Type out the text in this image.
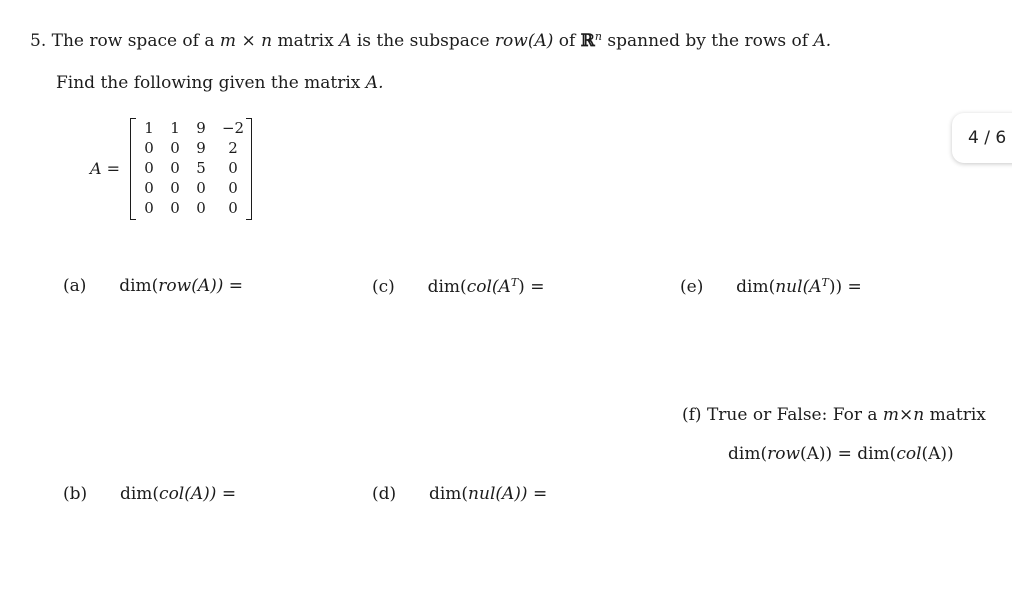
5. The row space of a m × n matrix A is the subspace row(A) of ℝ$^n$ spanned by the rows of A.
Find the following given the matrix A.
A =
1	1	9	−2
0	0	9	2
0	0	5	0
0	0	0	0
0	0	0	0
4 / 6
(a) dim(row(A)) =	(c) $dim(col(A^T)$ =	(e) $dim(nul(A^T))$ =
(f) True or False: For a m×n matrix
dim(row(A)) = dim(col(A))
(b) dim(col(A)) =	(d) dim(nul(A)) =
